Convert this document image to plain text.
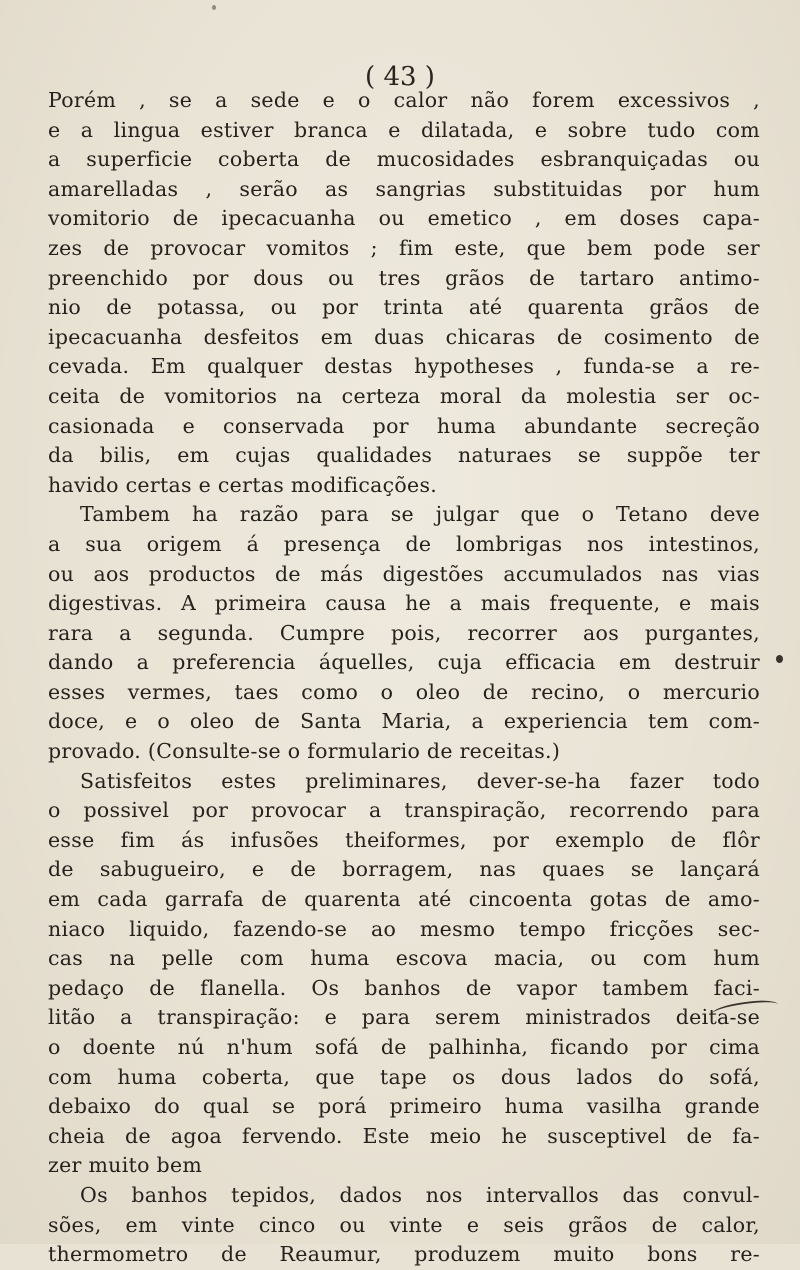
( 43 )
Porém , se a sede e o calor não forem excessivos ,
e a lingua estiver branca e dilatada, e sobre tudo com
a superficie coberta de mucosidades esbranquiçadas ou
amarelladas , serão as sangrias substituidas por hum
vomitorio de ipecacuanha ou emetico , em doses capa-
zes de provocar vomitos ; fim este, que bem pode ser
preenchido por dous ou tres grãos de tartaro antimo-
nio de potassa, ou por trinta até quarenta grãos de
ipecacuanha desfeitos em duas chicaras de cosimento de
cevada. Em qualquer destas hypotheses , funda-se a re-
ceita de vomitorios na certeza moral da molestia ser oc-
casionada e conservada por huma abundante secreção
da bilis, em cujas qualidades naturaes se suppõe ter
havido certas e certas modificações.
Tambem ha razão para se julgar que o Tetano deve
a sua origem á presença de lombrigas nos intestinos,
ou aos productos de más digestões accumulados nas vias
digestivas. A primeira causa he a mais frequente, e mais
rara a segunda. Cumpre pois, recorrer aos purgantes,
dando a preferencia áquelles, cuja efficacia em destruir
esses vermes, taes como o oleo de recino, o mercurio
doce, e o oleo de Santa Maria, a experiencia tem com-
provado. (Consulte-se o formulario de receitas.)
Satisfeitos estes preliminares, dever-se-ha fazer todo
o possivel por provocar a transpiração, recorrendo para
esse fim ás infusões theiformes, por exemplo de flôr
de sabugueiro, e de borragem, nas quaes se lançará
em cada garrafa de quarenta até cincoenta gotas de amo-
niaco liquido, fazendo-se ao mesmo tempo fricções sec-
cas na pelle com huma escova macia, ou com hum
pedaço de flanella. Os banhos de vapor tambem faci-
litão a transpiração: e para serem ministrados deita-se
o doente nú n'hum sofá de palhinha, ficando por cima
com huma coberta, que tape os dous lados do sofá,
debaixo do qual se porá primeiro huma vasilha grande
cheia de agoa fervendo. Este meio he susceptivel de fa-
zer muito bem
Os banhos tepidos, dados nos intervallos das convul-
sões, em vinte cinco ou vinte e seis grãos de calor,
thermometro de Reaumur, produzem muito bons re-
